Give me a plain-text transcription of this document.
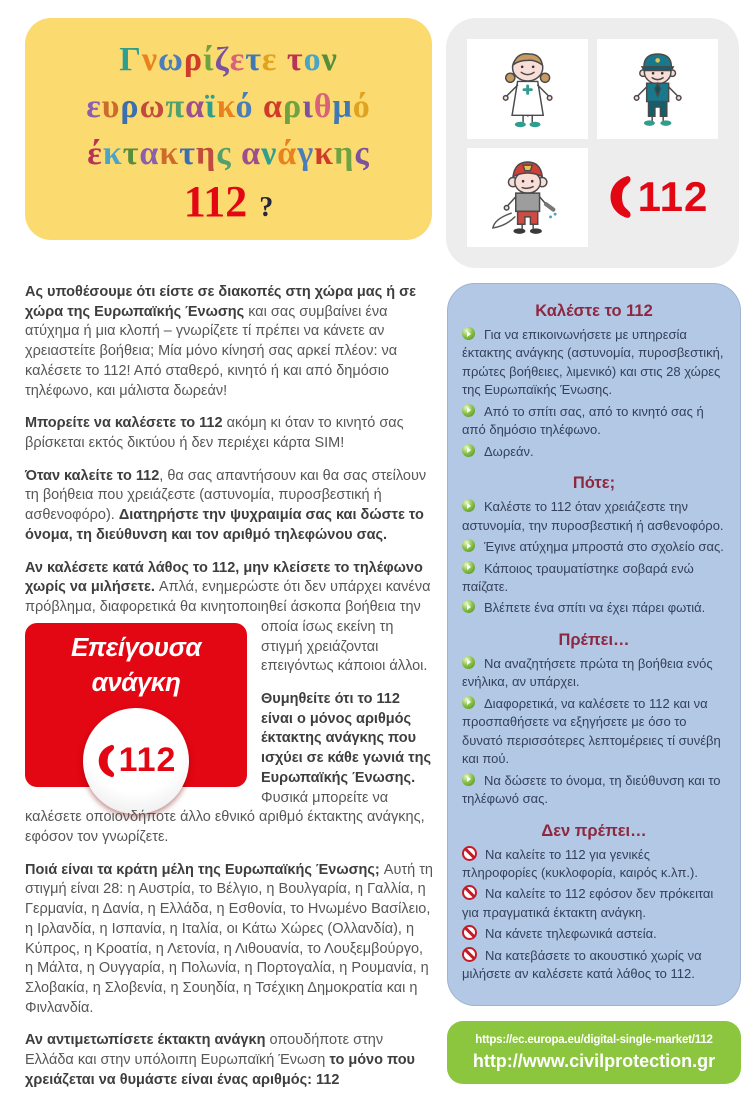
Γνωρίζετε τον
ευρωπαϊκό αριθμό
έκτακτης ανάγκης
112 ?	112

Ας υποθέσουμε ότι είστε σε διακοπές στη χώρα μας ή σε χώρα της Ευρωπαϊκής Ένωσης και σας συμβαίνει ένα ατύχημα ή μια κλοπή – γνωρίζετε τί πρέπει να κάνετε αν χρειαστείτε βοήθεια; Μία μόνο κίνησή σας αρκεί πλέον: να καλέσετε το 112! Από σταθερό, κινητό ή και από δημόσιο τηλέφωνο, και μάλιστα δωρεάν!

Μπορείτε να καλέσετε το 112 ακόμη κι όταν το κινητό σας βρίσκεται εκτός δικτύου ή δεν περιέχει κάρτα SIM!

Όταν καλείτε το 112, θα σας απαντήσουν και θα σας στείλουν τη βοήθεια που χρειάζεστε (αστυνομία, πυροσβεστική ή ασθενοφόρο). Διατηρήστε την ψυχραιμία σας και δώστε το όνομα, τη διεύθυνση και τον αριθμό τηλεφώνου σας.

Αν καλέσετε κατά λάθος το 112, μην κλείσετε το τηλέφωνο χωρίς να μιλήσετε. Απλά, ενημερώστε ότι δεν υπάρχει κανένα πρόβλημα, διαφορετικά θα κινητοποιηθεί άσκοπα βοήθεια την
Επείγουσα ανάγκη
112
οποία ίσως εκείνη τη στιγμή χρειάζονται επειγόντως κάποιοι άλλοι.
Θυμηθείτε ότι το 112 είναι ο μόνος αριθμός έκτακτης ανάγκης που ισχύει σε κάθε γωνιά της Ευρωπαϊκής Ένωσης. Φυσικά μπορείτε να καλέσετε οποιονδήποτε άλλο εθνικό αριθμό έκτακτης ανάγκης, εφόσον τον γνωρίζετε.

Ποιά είναι τα κράτη μέλη της Ευρωπαϊκής Ένωσης; Αυτή τη στιγμή είναι 28: η Αυστρία, το Βέλγιο, η Βουλγαρία, η Γαλλία, η Γερμανία, η Δανία, η Ελλάδα, η Εσθονία, το Ηνωμένο Βασίλειο, η Ιρλανδία, η Ισπανία, η Ιταλία, οι Κάτω Χώρες (Ολλανδία), η Κύπρος, η Κροατία, η Λετονία, η Λιθουανία, το Λουξεμβούργο, η Μάλτα, η Ουγγαρία, η Πολωνία, η Πορτογαλία, η Ρουμανία, η Σλοβακία, η Σλοβενία, η Σουηδία, η Τσέχικη Δημοκρατία και η Φινλανδία.

Αν αντιμετωπίσετε έκτακτη ανάγκη οπουδήποτε στην Ελλάδα και στην υπόλοιπη Ευρωπαϊκή Ένωση το μόνο που χρειάζεται να θυμάστε είναι ένας αριθμός: 112

Καλέστε το 112
Για να επικοινωνήσετε με υπηρεσία έκτακτης ανάγκης (αστυνομία, πυροσβεστική, πρώτες βοήθειες, λιμενικό) και στις 28 χώρες της Ευρωπαϊκής Ένωσης.
Από το σπίτι σας, από το κινητό σας ή από δημόσιο τηλέφωνο.
Δωρεάν.
Πότε;
Καλέστε το 112 όταν χρειάζεστε την αστυνομία, την πυροσβεστική ή ασθενοφόρο.
Έγινε ατύχημα μπροστά στο σχολείο σας.
Κάποιος τραυματίστηκε σοβαρά ενώ παίζατε.
Βλέπετε ένα σπίτι να έχει πάρει φωτιά.
Πρέπει…
Να αναζητήσετε πρώτα τη βοήθεια ενός ενήλικα, αν υπάρχει.
Διαφορετικά, να καλέσετε το 112 και να προσπαθήσετε να εξηγήσετε με όσο το δυνατό περισσότερες λεπτομέρειες τί συνέβη και πού.
Να δώσετε το όνομα, τη διεύθυνση και το τηλέφωνό σας.
Δεν πρέπει…
Να καλείτε το 112 για γενικές πληροφορίες (κυκλοφορία, καιρός κ.λπ.).
Να καλείτε το 112 εφόσον δεν πρόκειται για πραγματικά έκτακτη ανάγκη.
Να κάνετε τηλεφωνικά αστεία.
Να κατεβάσετε το ακουστικό χωρίς να μιλήσετε αν καλέσετε κατά λάθος το 112.
https://ec.europa.eu/digital-single-market/112
http://www.civilprotection.gr
